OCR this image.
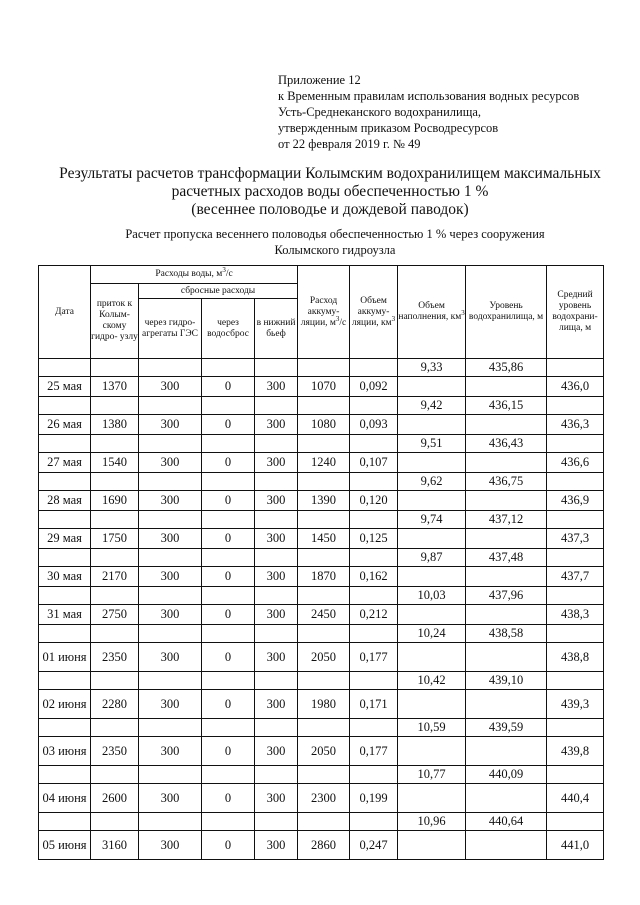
Приложение 12
к Временным правилам использования водных ресурсов
Усть-Среднеканского водохранилища,
утвержденным приказом Росводресурсов
от 22 февраля 2019 г. № 49
Результаты расчетов трансформации Колымским водохранилищем максимальных
расчетных расходов воды обеспеченностью 1 %
(весеннее половодье и дождевой паводок)
Расчет пропуска весеннего половодья обеспеченностью 1 % через сооружения
Колымского гидроузла
Дата	Расходы воды, $м^3/с$				Расход аккуму- ляции, $м^3/с$	Объем аккуму- ляции, $км^3$	Объем наполнения, $км^3$	Уровень водохранилища, м	Средний уровень водохрани- лища, м
	приток к Колым- скому гидро- узлу	сбросные расходы							
		через гидро- агрегаты ГЭС	через водосброс	в нижний бьеф					
							9,33	435,86	
25 мая	1370	300	0	300	1070	0,092			436,0
							9,42	436,15	
26 мая	1380	300	0	300	1080	0,093			436,3
							9,51	436,43	
27 мая	1540	300	0	300	1240	0,107			436,6
							9,62	436,75	
28 мая	1690	300	0	300	1390	0,120			436,9
							9,74	437,12	
29 мая	1750	300	0	300	1450	0,125			437,3
							9,87	437,48	
30 мая	2170	300	0	300	1870	0,162			437,7
							10,03	437,96	
31 мая	2750	300	0	300	2450	0,212			438,3
							10,24	438,58	
01 июня	2350	300	0	300	2050	0,177			438,8
							10,42	439,10	
02 июня	2280	300	0	300	1980	0,171			439,3
							10,59	439,59	
03 июня	2350	300	0	300	2050	0,177			439,8
							10,77	440,09	
04 июня	2600	300	0	300	2300	0,199			440,4
							10,96	440,64	
05 июня	3160	300	0	300	2860	0,247			441,0
